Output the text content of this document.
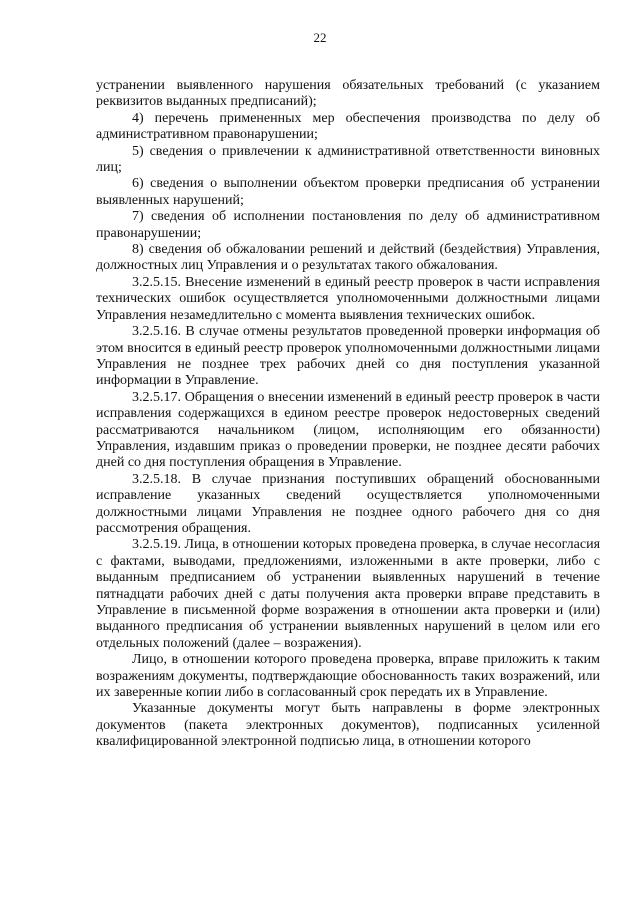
22

устранении выявленного нарушения обязательных требований (с указанием реквизитов выданных предписаний);

4) перечень примененных мер обеспечения производства по делу об административном правонарушении;

5) сведения о привлечении к административной ответственности виновных лиц;

6) сведения о выполнении объектом проверки предписания об устранении выявленных нарушений;

7) сведения об исполнении постановления по делу об административном правонарушении;

8) сведения об обжаловании решений и действий (бездействия) Управления, должностных лиц Управления и о результатах такого обжалования.

3.2.5.15. Внесение изменений в единый реестр проверок в части исправления технических ошибок осуществляется уполномоченными должностными лицами Управления незамедлительно с момента выявления технических ошибок.

3.2.5.16. В случае отмены результатов проведенной проверки информация об этом вносится в единый реестр проверок уполномоченными должностными лицами Управления не позднее трех рабочих дней со дня поступления указанной информации в Управление.

3.2.5.17. Обращения о внесении изменений в единый реестр проверок в части исправления содержащихся в едином реестре проверок недостоверных сведений рассматриваются начальником (лицом, исполняющим его обязанности) Управления, издавшим приказ о проведении проверки, не позднее десяти рабочих дней со дня поступления обращения в Управление.

3.2.5.18. В случае признания поступивших обращений обоснованными исправление указанных сведений осуществляется уполномоченными должностными лицами Управления не позднее одного рабочего дня со дня рассмотрения обращения.

3.2.5.19. Лица, в отношении которых проведена проверка, в случае несогласия с фактами, выводами, предложениями, изложенными в акте проверки, либо с выданным предписанием об устранении выявленных нарушений в течение пятнадцати рабочих дней с даты получения акта проверки вправе представить в Управление в письменной форме возражения в отношении акта проверки и (или) выданного предписания об устранении выявленных нарушений в целом или его отдельных положений (далее – возражения).

Лицо, в отношении которого проведена проверка, вправе приложить к таким возражениям документы, подтверждающие обоснованность таких возражений, или их заверенные копии либо в согласованный срок передать их в Управление.

Указанные документы могут быть направлены в форме электронных документов (пакета электронных документов), подписанных усиленной квалифицированной электронной подписью лица, в отношении которого
